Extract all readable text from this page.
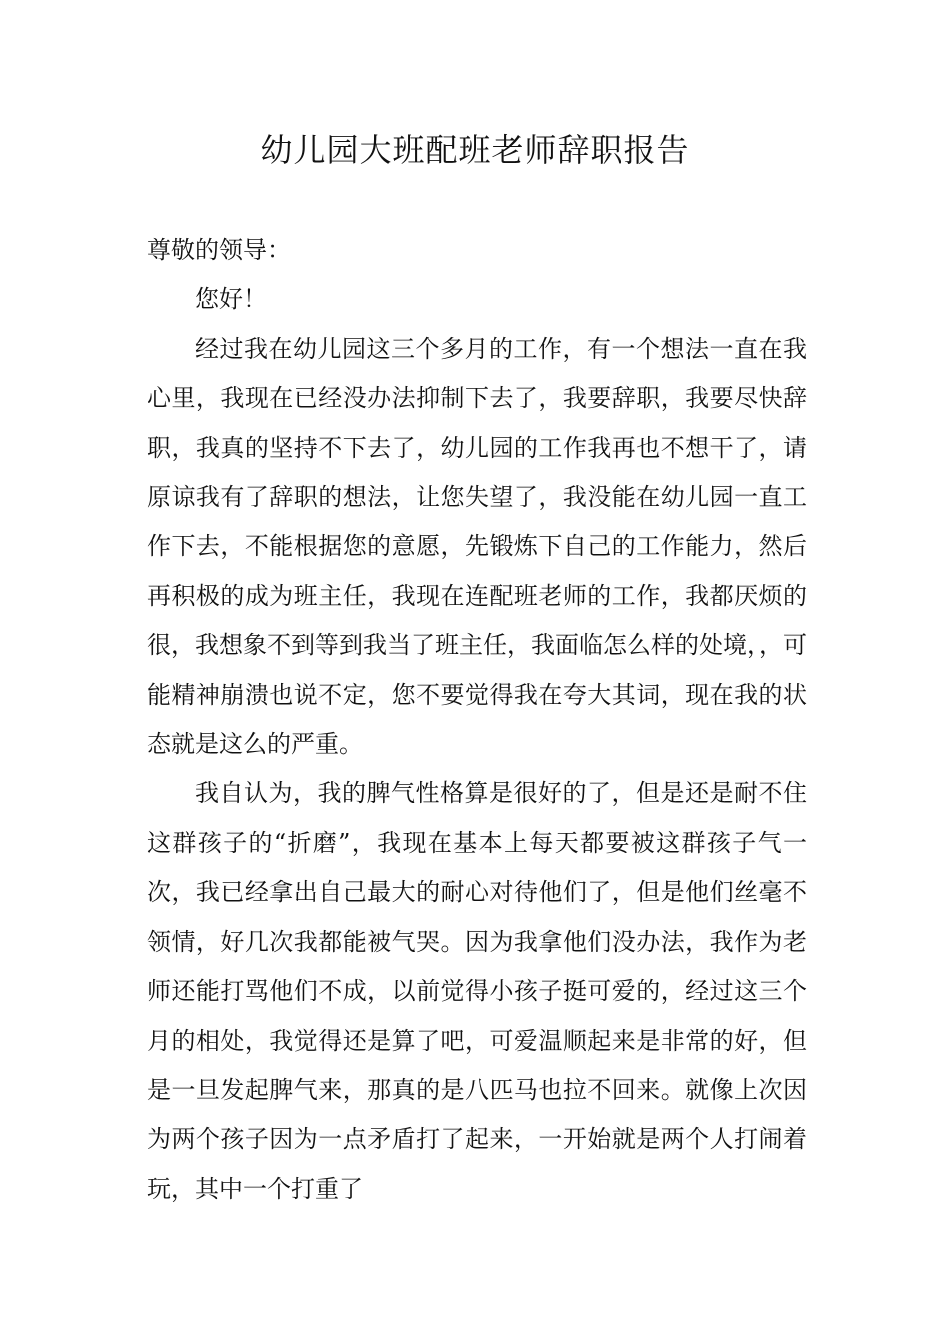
幼儿园大班配班老师辞职报告

尊敬的领导：

您好！

经过我在幼儿园这三个多月的工作，有一个想法一直在我心里，我现在已经没办法抑制下去了，我要辞职，我要尽快辞职，我真的坚持不下去了，幼儿园的工作我再也不想干了，请原谅我有了辞职的想法，让您失望了，我没能在幼儿园一直工作下去，不能根据您的意愿，先锻炼下自己的工作能力，然后再积极的成为班主任，我现在连配班老师的工作，我都厌烦的很，我想象不到等到我当了班主任，我面临怎么样的处境，，可能精神崩溃也说不定，您不要觉得我在夸大其词，现在我的状态就是这么的严重。

我自认为，我的脾气性格算是很好的了，但是还是耐不住这群孩子的“折磨”，我现在基本上每天都要被这群孩子气一次，我已经拿出自己最大的耐心对待他们了，但是他们丝毫不领情，好几次我都能被气哭。因为我拿他们没办法，我作为老师还能打骂他们不成，以前觉得小孩子挺可爱的，经过这三个月的相处，我觉得还是算了吧，可爱温顺起来是非常的好，但是一旦发起脾气来，那真的是八匹马也拉不回来。就像上次因为两个孩子因为一点矛盾打了起来，一开始就是两个人打闹着玩，其中一个打重了
